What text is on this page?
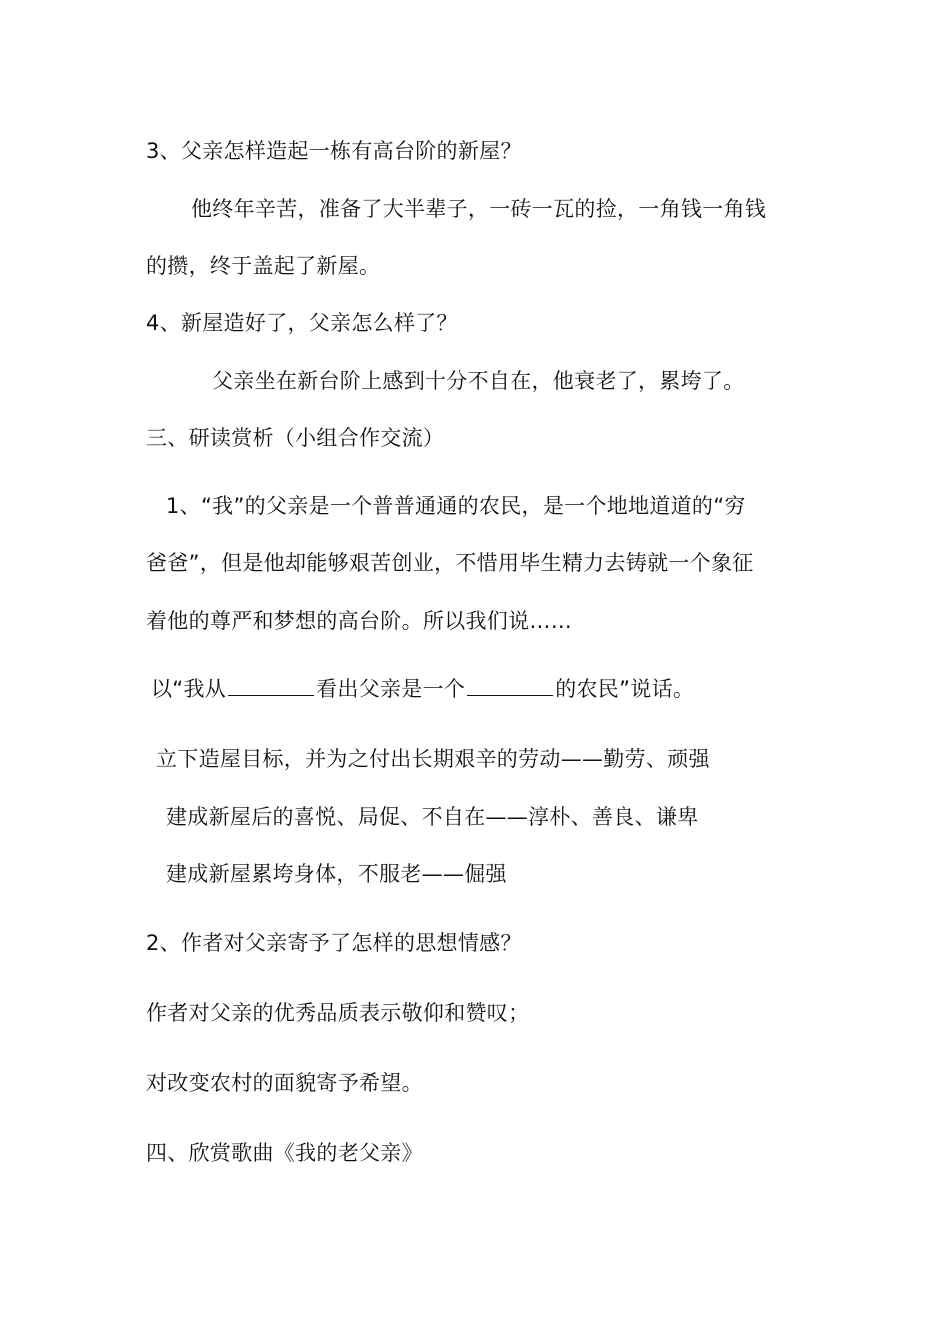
3、父亲怎样造起一栋有高台阶的新屋？
他终年辛苦，准备了大半辈子，一砖一瓦的捡，一角钱一角钱
的攒，终于盖起了新屋。
4、新屋造好了，父亲怎么样了？
父亲坐在新台阶上感到十分不自在，他衰老了，累垮了。
三、研读赏析（小组合作交流）
1、“我”的父亲是一个普普通通的农民，是一个地地道道的“穷
爸爸”，但是他却能够艰苦创业，不惜用毕生精力去铸就一个象征
着他的尊严和梦想的高台阶。所以我们说……
以“我从	看出父亲是一个	的农民”说话。
立下造屋目标，并为之付出长期艰辛的劳动——勤劳、顽强
建成新屋后的喜悦、局促、不自在——淳朴、善良、谦卑
建成新屋累垮身体，不服老——倔强
2、作者对父亲寄予了怎样的思想情感？
作者对父亲的优秀品质表示敬仰和赞叹；
对改变农村的面貌寄予希望。
四、欣赏歌曲《我的老父亲》
